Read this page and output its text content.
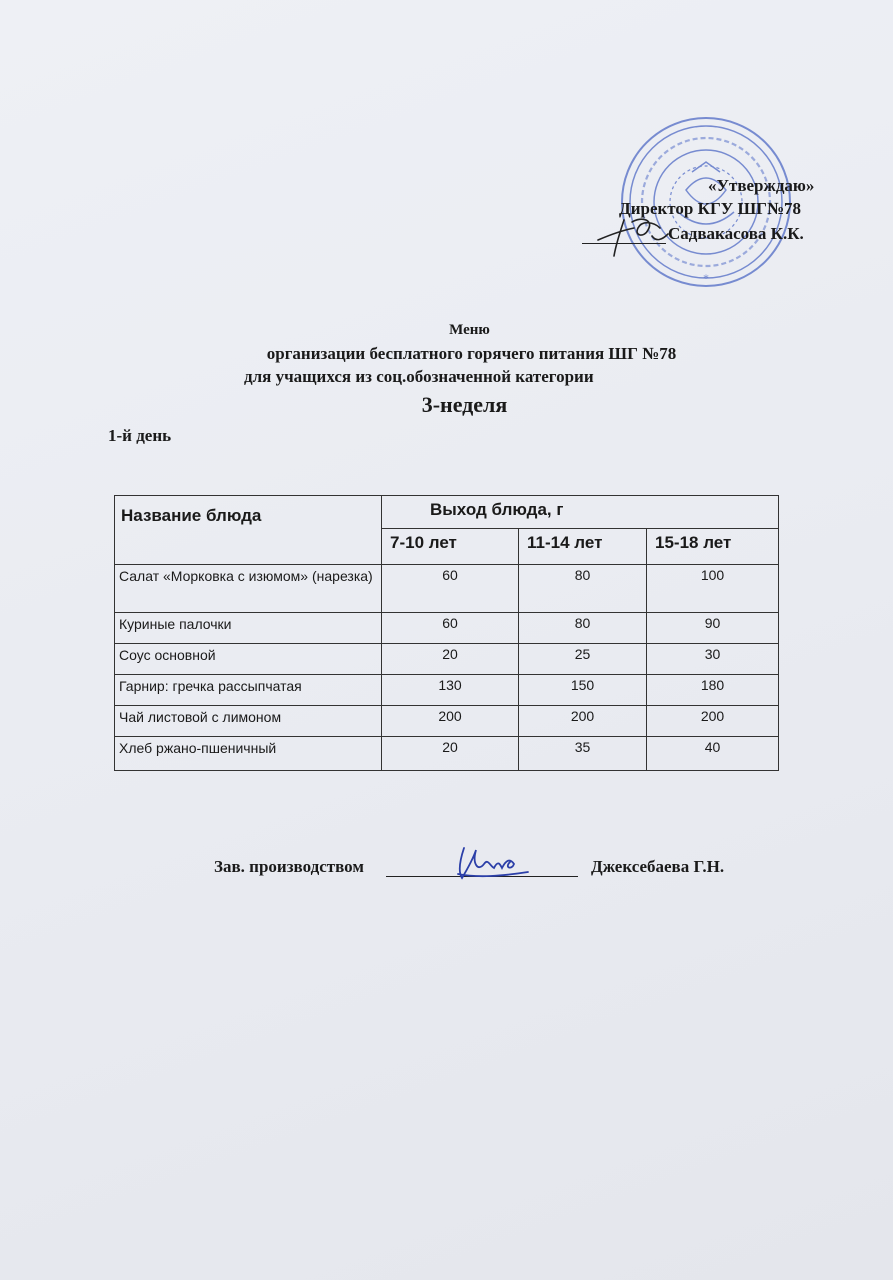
*
«Утверждаю»
Директор КГУ ШГ№78
Садвакасова К.К.
Меню
организации бесплатного горячего питания ШГ №78
для учащихся из соц.обозначенной категории
3-неделя
1-й день
Название блюда	Выход блюда, г		
	7-10 лет	11-14 лет	15-18 лет
Салат «Морковка с изюмом» (нарезка)	60	80	100
Куриные палочки	60	80	90
Соус основной	20	25	30
Гарнир: гречка рассыпчатая	130	150	180
Чай листовой с лимоном	200	200	200
Хлеб ржано-пшеничный	20	35	40
Зав. производством	Джексебаева Г.Н.
